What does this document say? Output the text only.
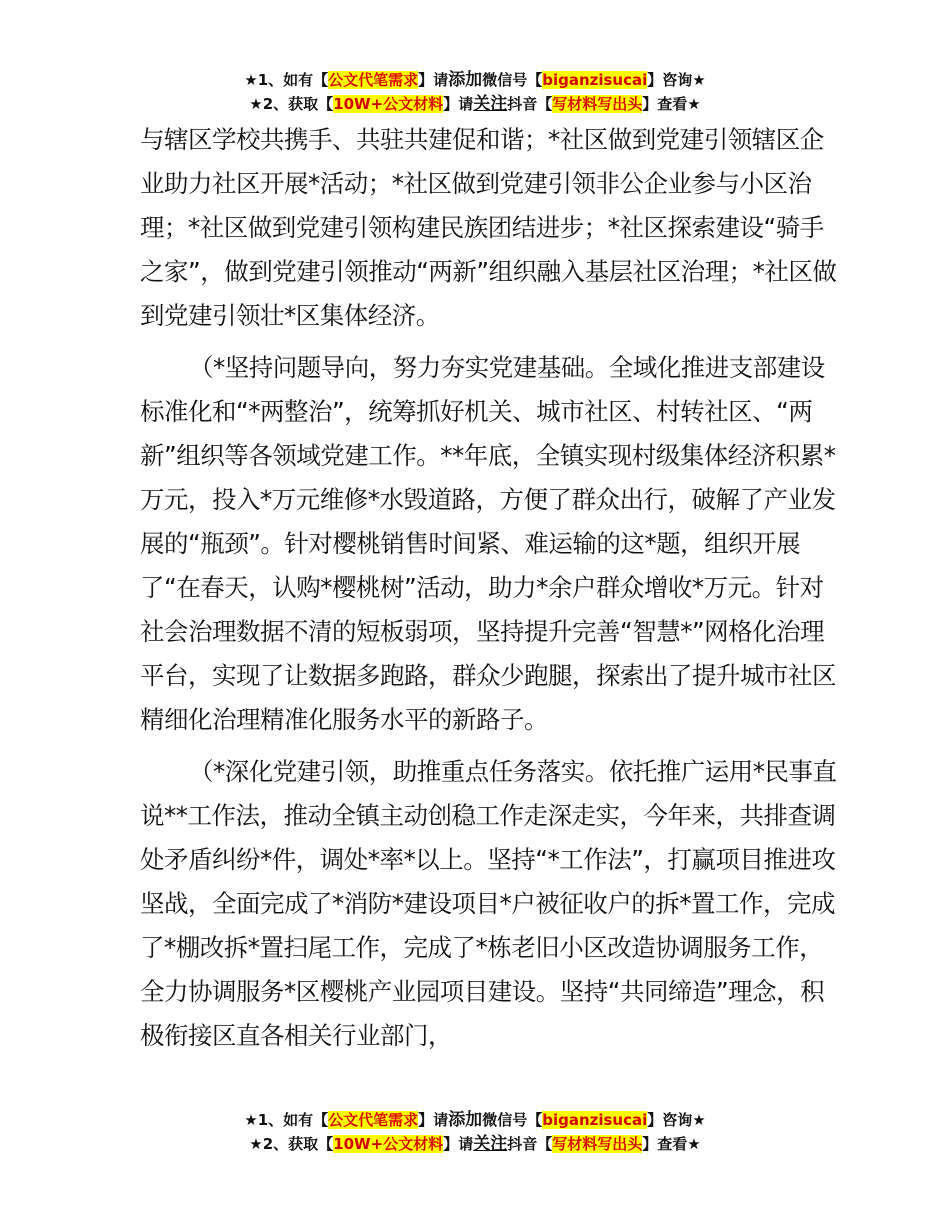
★1、如有【公文代笔需求】请添加微信号【biganzisucai】咨询★
★2、获取【10W+公文材料】请关注抖音【写材料写出头】查看★

与辖区学校共携手、共驻共建促和谐；*社区做到党建引领辖区企业助力社区开展*活动；*社区做到党建引领非公企业参与小区治理；*社区做到党建引领构建民族团结进步；*社区探索建设“骑手之家”，做到党建引领推动“两新”组织融入基层社区治理；*社区做到党建引领壮*区集体经济。

（*坚持问题导向，努力夯实党建基础。全域化推进支部建设标准化和“*两整治”，统筹抓好机关、城市社区、村转社区、“两新”组织等各领域党建工作。**年底，全镇实现村级集体经济积累*万元，投入*万元维修*水毁道路，方便了群众出行，破解了产业发展的“瓶颈”。针对樱桃销售时间紧、难运输的这*题，组织开展了“在春天，认购*樱桃树”活动，助力*余户群众增收*万元。针对社会治理数据不清的短板弱项，坚持提升完善“智慧*”网格化治理平台，实现了让数据多跑路，群众少跑腿，探索出了提升城市社区精细化治理精准化服务水平的新路子。

（*深化党建引领，助推重点任务落实。依托推广运用*民事直说**工作法，推动全镇主动创稳工作走深走实，今年来，共排查调处矛盾纠纷*件，调处*率*以上。坚持“*工作法”，打赢项目推进攻坚战，全面完成了*消防*建设项目*户被征收户的拆*置工作，完成了*棚改拆*置扫尾工作，完成了*栋老旧小区改造协调服务工作，全力协调服务*区樱桃产业园项目建设。坚持“共同缔造”理念，积极衔接区直各相关行业部门，

★1、如有【公文代笔需求】请添加微信号【biganzisucai】咨询★
★2、获取【10W+公文材料】请关注抖音【写材料写出头】查看★
